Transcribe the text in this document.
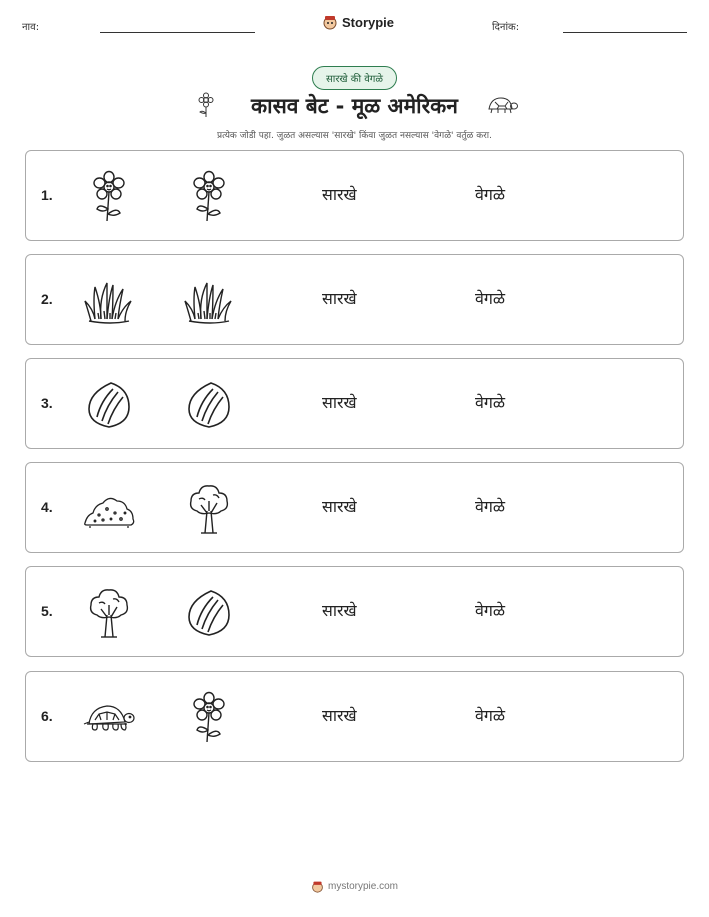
नाव:	Storypie	दिनांक:
सारखे की वेगळे
कासव बेट - मूळ अमेरिकन
प्रत्येक जोडी पहा. जुळत असल्यास 'सारखे' किंवा जुळत नसल्यास 'वेगळे' वर्तुळ करा.
1.	सारखे	वेगळे
2.	सारखे	वेगळे
3.	सारखे	वेगळे
4.	सारखे	वेगळे
5.	सारखे	वेगळे
6.	सारखे	वेगळे
mystorypie.com
